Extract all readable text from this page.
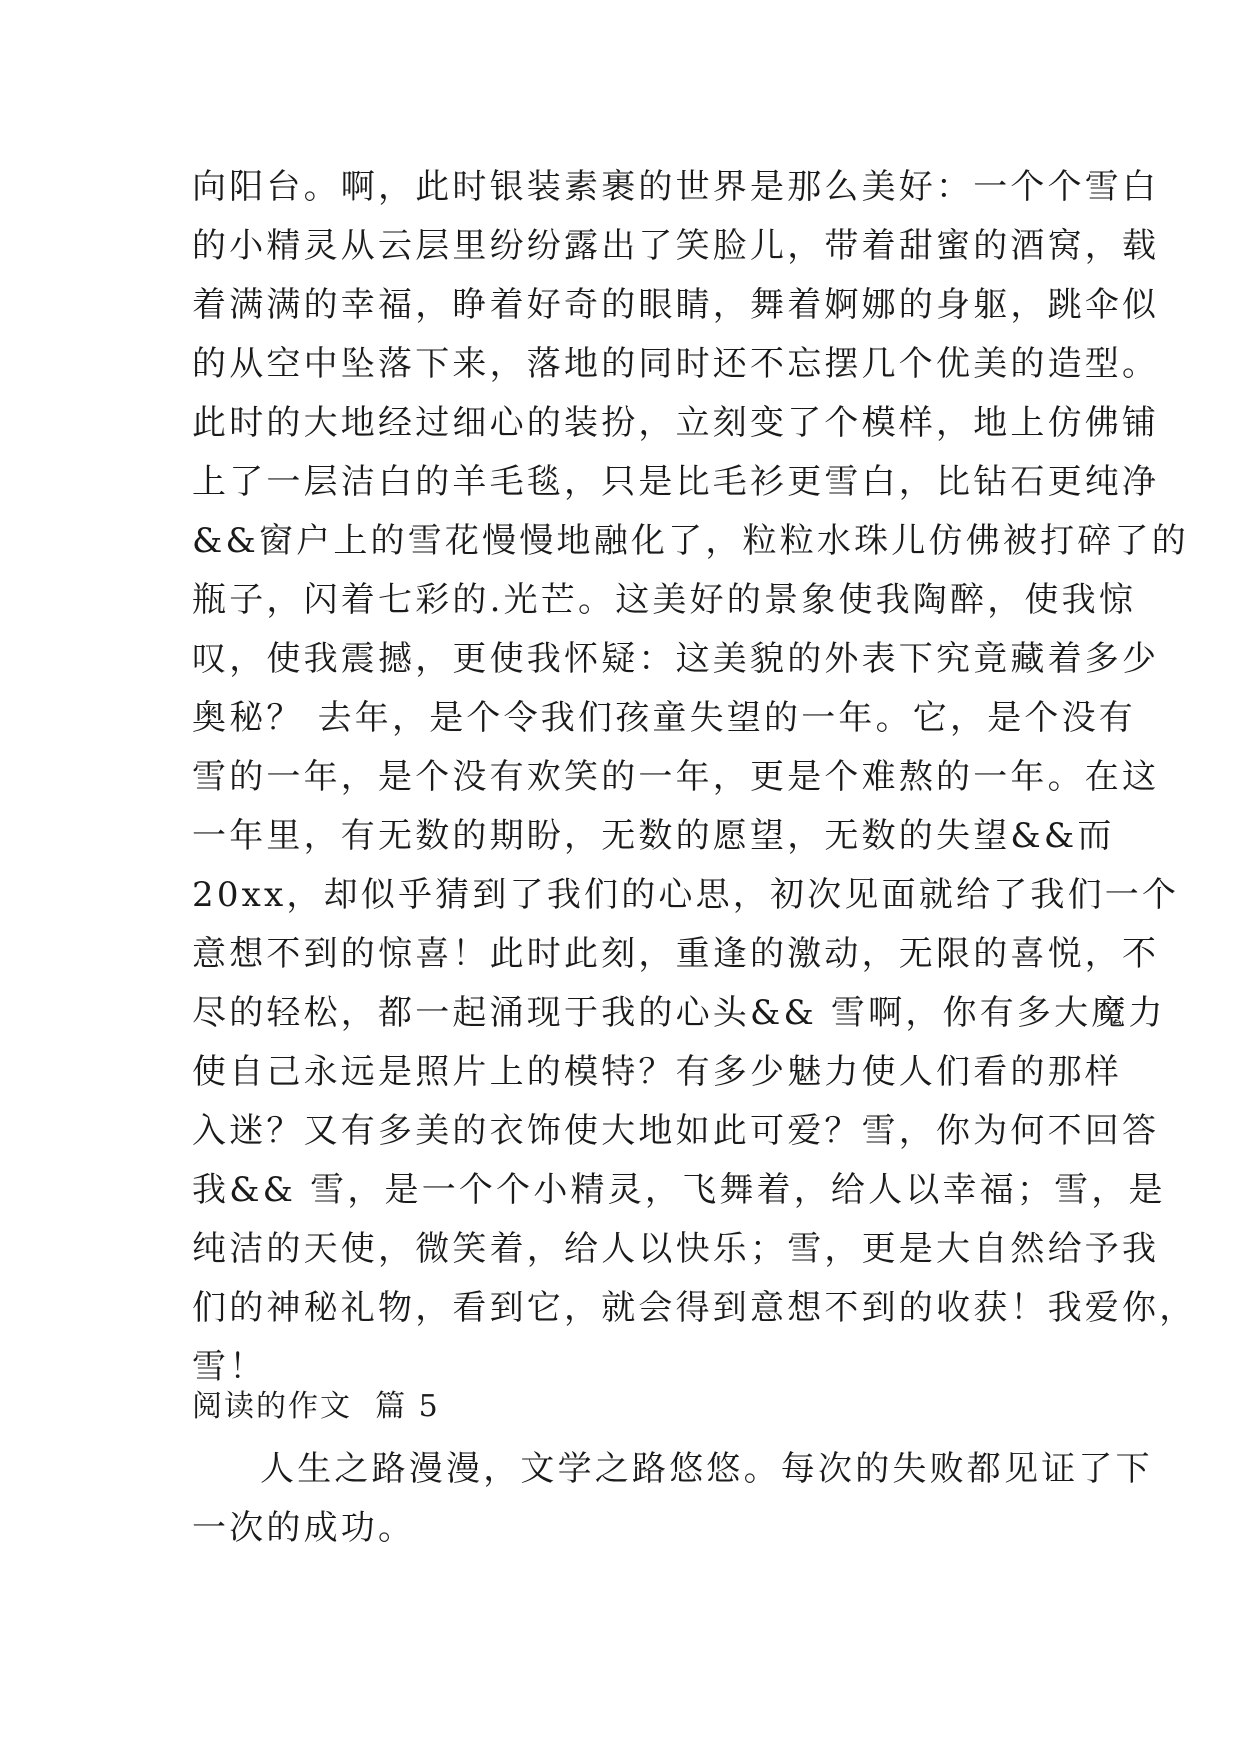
向阳台。啊，此时银装素裹的世界是那么美好：一个个雪白
的小精灵从云层里纷纷露出了笑脸儿，带着甜蜜的酒窝，载
着满满的幸福，睁着好奇的眼睛，舞着婀娜的身躯，跳伞似
的从空中坠落下来，落地的同时还不忘摆几个优美的造型。
此时的大地经过细心的装扮，立刻变了个模样，地上仿佛铺
上了一层洁白的羊毛毯，只是比毛衫更雪白，比钻石更纯净
&&窗户上的雪花慢慢地融化了，粒粒水珠儿仿佛被打碎了的
瓶子，闪着七彩的.光芒。这美好的景象使我陶醉，使我惊
叹，使我震撼，更使我怀疑：这美貌的外表下究竟藏着多少
奥秘？ 去年，是个令我们孩童失望的一年。它，是个没有
雪的一年，是个没有欢笑的一年，更是个难熬的一年。在这
一年里，有无数的期盼，无数的愿望，无数的失望&&而
20xx，却似乎猜到了我们的心思，初次见面就给了我们一个
意想不到的惊喜！此时此刻，重逢的激动，无限的喜悦，不
尽的轻松，都一起涌现于我的心头&& 雪啊，你有多大魔力
使自己永远是照片上的模特？有多少魅力使人们看的那样
入迷？又有多美的衣饰使大地如此可爱？雪，你为何不回答
我&& 雪，是一个个小精灵，飞舞着，给人以幸福；雪，是
纯洁的天使，微笑着，给人以快乐；雪，更是大自然给予我
们的神秘礼物，看到它，就会得到意想不到的收获！我爱你，
雪！
阅读的作文  篇 5
人生之路漫漫，文学之路悠悠。每次的失败都见证了下
一次的成功。
